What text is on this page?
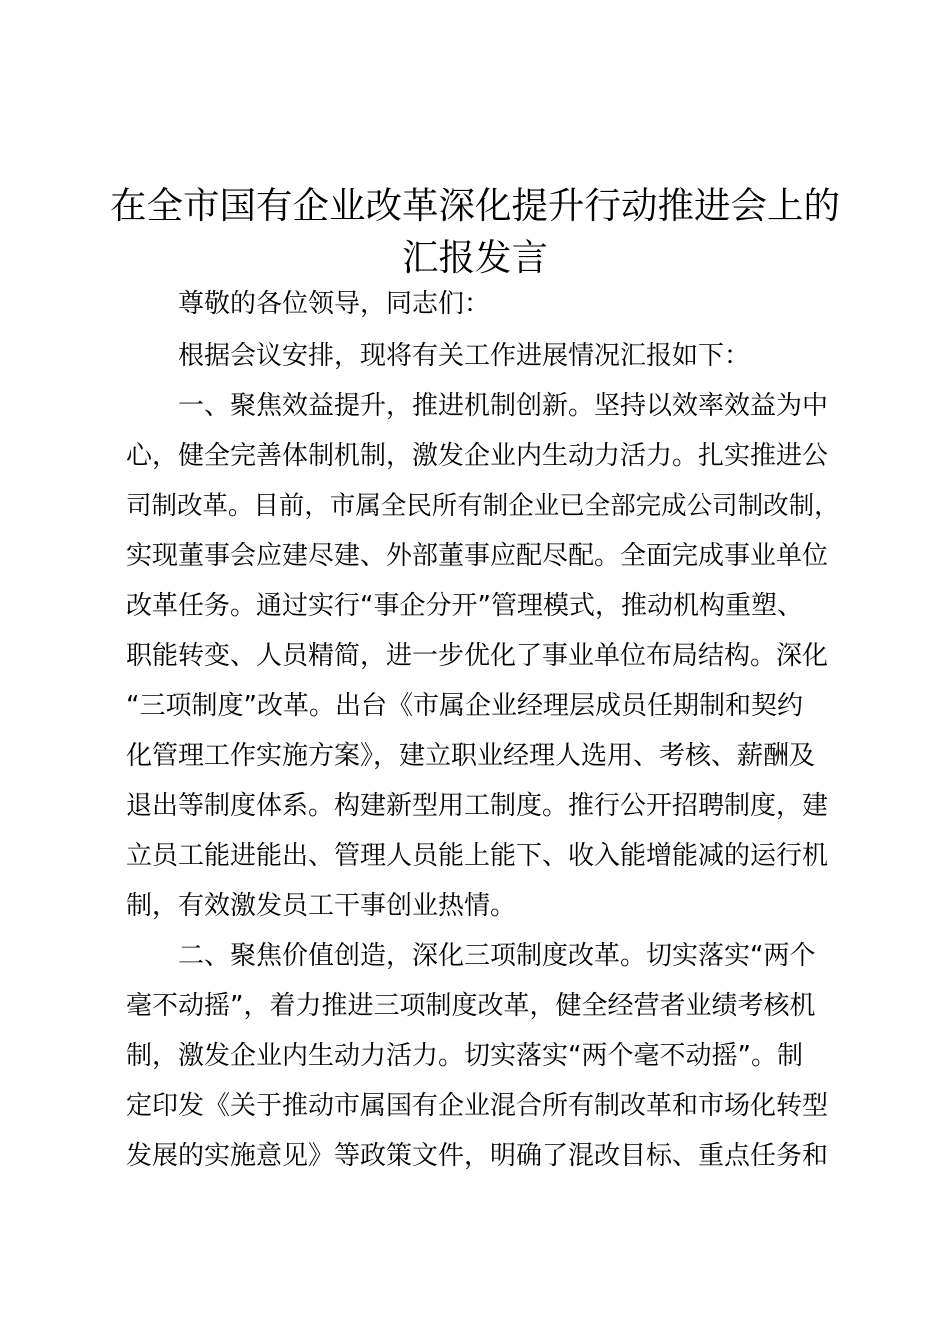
在全市国有企业改革深化提升行动推进会上的
汇报发言
尊敬的各位领导，同志们：
根据会议安排，现将有关工作进展情况汇报如下：
一、聚焦效益提升，推进机制创新。坚持以效率效益为中
心，健全完善体制机制，激发企业内生动力活力。扎实推进公
司制改革。目前，市属全民所有制企业已全部完成公司制改制，
实现董事会应建尽建、外部董事应配尽配。全面完成事业单位
改革任务。通过实行“事企分开”管理模式，推动机构重塑、
职能转变、人员精简，进一步优化了事业单位布局结构。深化
“三项制度”改革。出台《市属企业经理层成员任期制和契约
化管理工作实施方案》，建立职业经理人选用、考核、薪酬及
退出等制度体系。构建新型用工制度。推行公开招聘制度，建
立员工能进能出、管理人员能上能下、收入能增能减的运行机
制，有效激发员工干事创业热情。
二、聚焦价值创造，深化三项制度改革。切实落实“两个
毫不动摇”，着力推进三项制度改革，健全经营者业绩考核机
制，激发企业内生动力活力。切实落实“两个毫不动摇”。制
定印发《关于推动市属国有企业混合所有制改革和市场化转型
发展的实施意见》等政策文件，明确了混改目标、重点任务和
